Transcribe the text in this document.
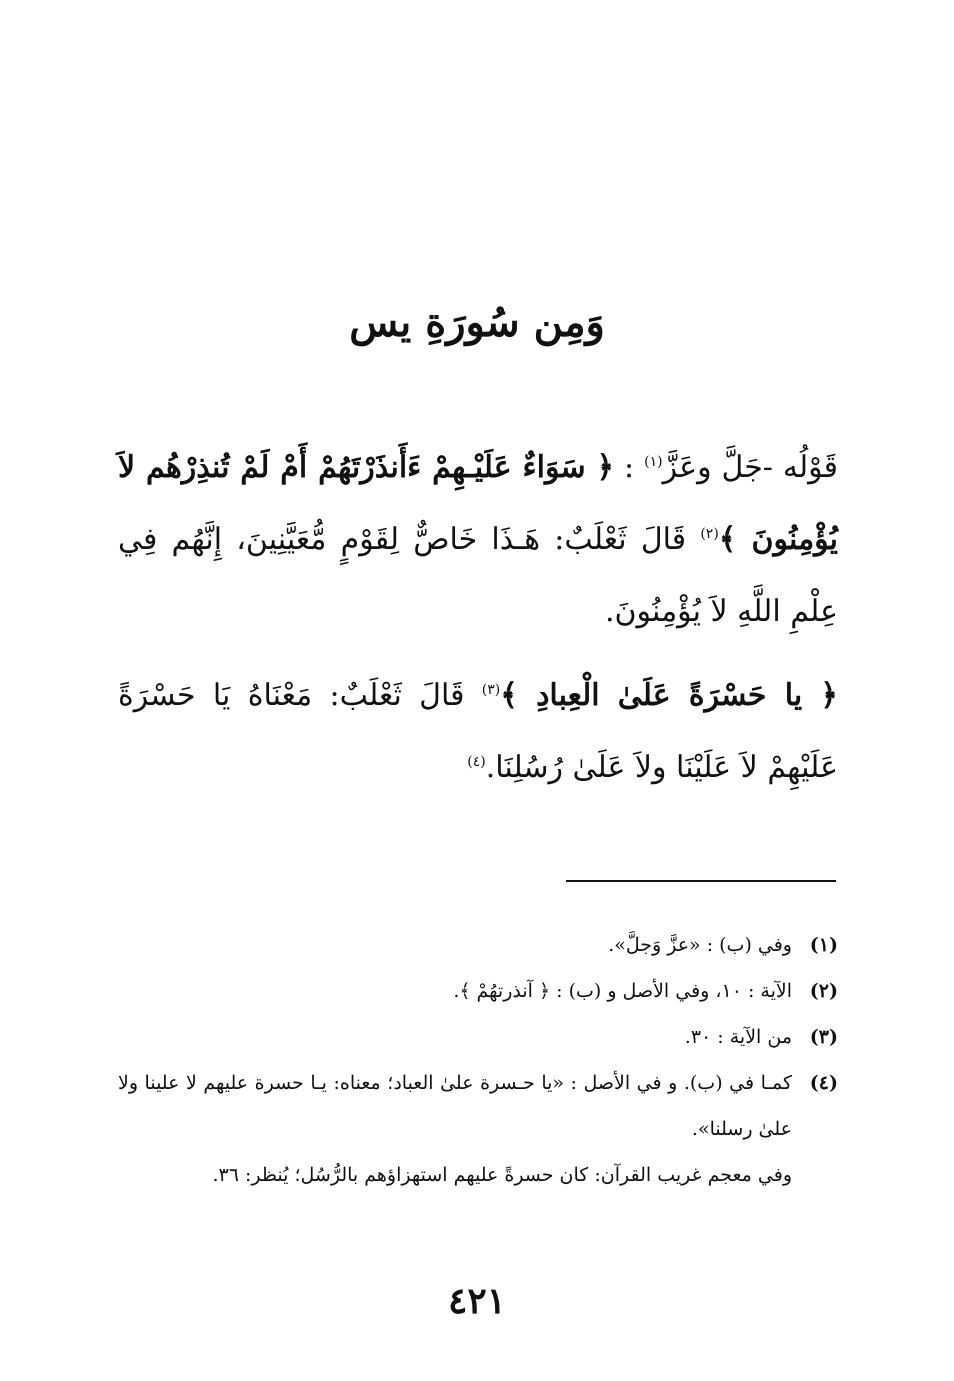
وَمِن سُورَةِ يس
قَوْلُه -جَلَّ وعَزَّ$^{(١)}$ : ﴿ سَوَاءٌ عَلَيْـهِمْ ءَأَنذَرْتَهُمْ أَمْ لَمْ تُنذِرْهُم لاَ يُؤْمِنُونَ ﴾$^{(٢)}$ قَالَ ثَعْلَبٌ: هَـذَا خَاصٌّ لِقَوْمٍ مُّعَيَّنِينَ، إِنَّهُم فِي عِلْمِ اللَّهِ لاَ يُؤْمِنُونَ.
﴿ يا حَسْرَةً عَلَىٰ الْعِبادِ ﴾$^{(٣)}$ قَالَ ثَعْلَبٌ: مَعْنَاهُ يَا حَسْرَةً عَلَيْهِمْ لاَ عَلَيْنَا ولاَ عَلَىٰ رُسُلِنَا.$^{(٤)}$
(١)
وفي (ب) : «عزَّ وَجلَّ».
(٢)
الآية : ١٠، وفي الأصل و (ب) : ﴿ آنذرتهُمْ ﴾.
(٣)
من الآية : ٣٠.
(٤)
كمـا في (ب). و في الأصل : «يا حـسرة علىٰ العباد؛ معناه: يـا حسرة عليهم لا علينا ولا علىٰ رسلنا».
وفي معجم غريب القرآن: كان حسرةً عليهم استهزاؤهم بالرُّسُل؛ يُنظر: ٣٦.
٤٢١
